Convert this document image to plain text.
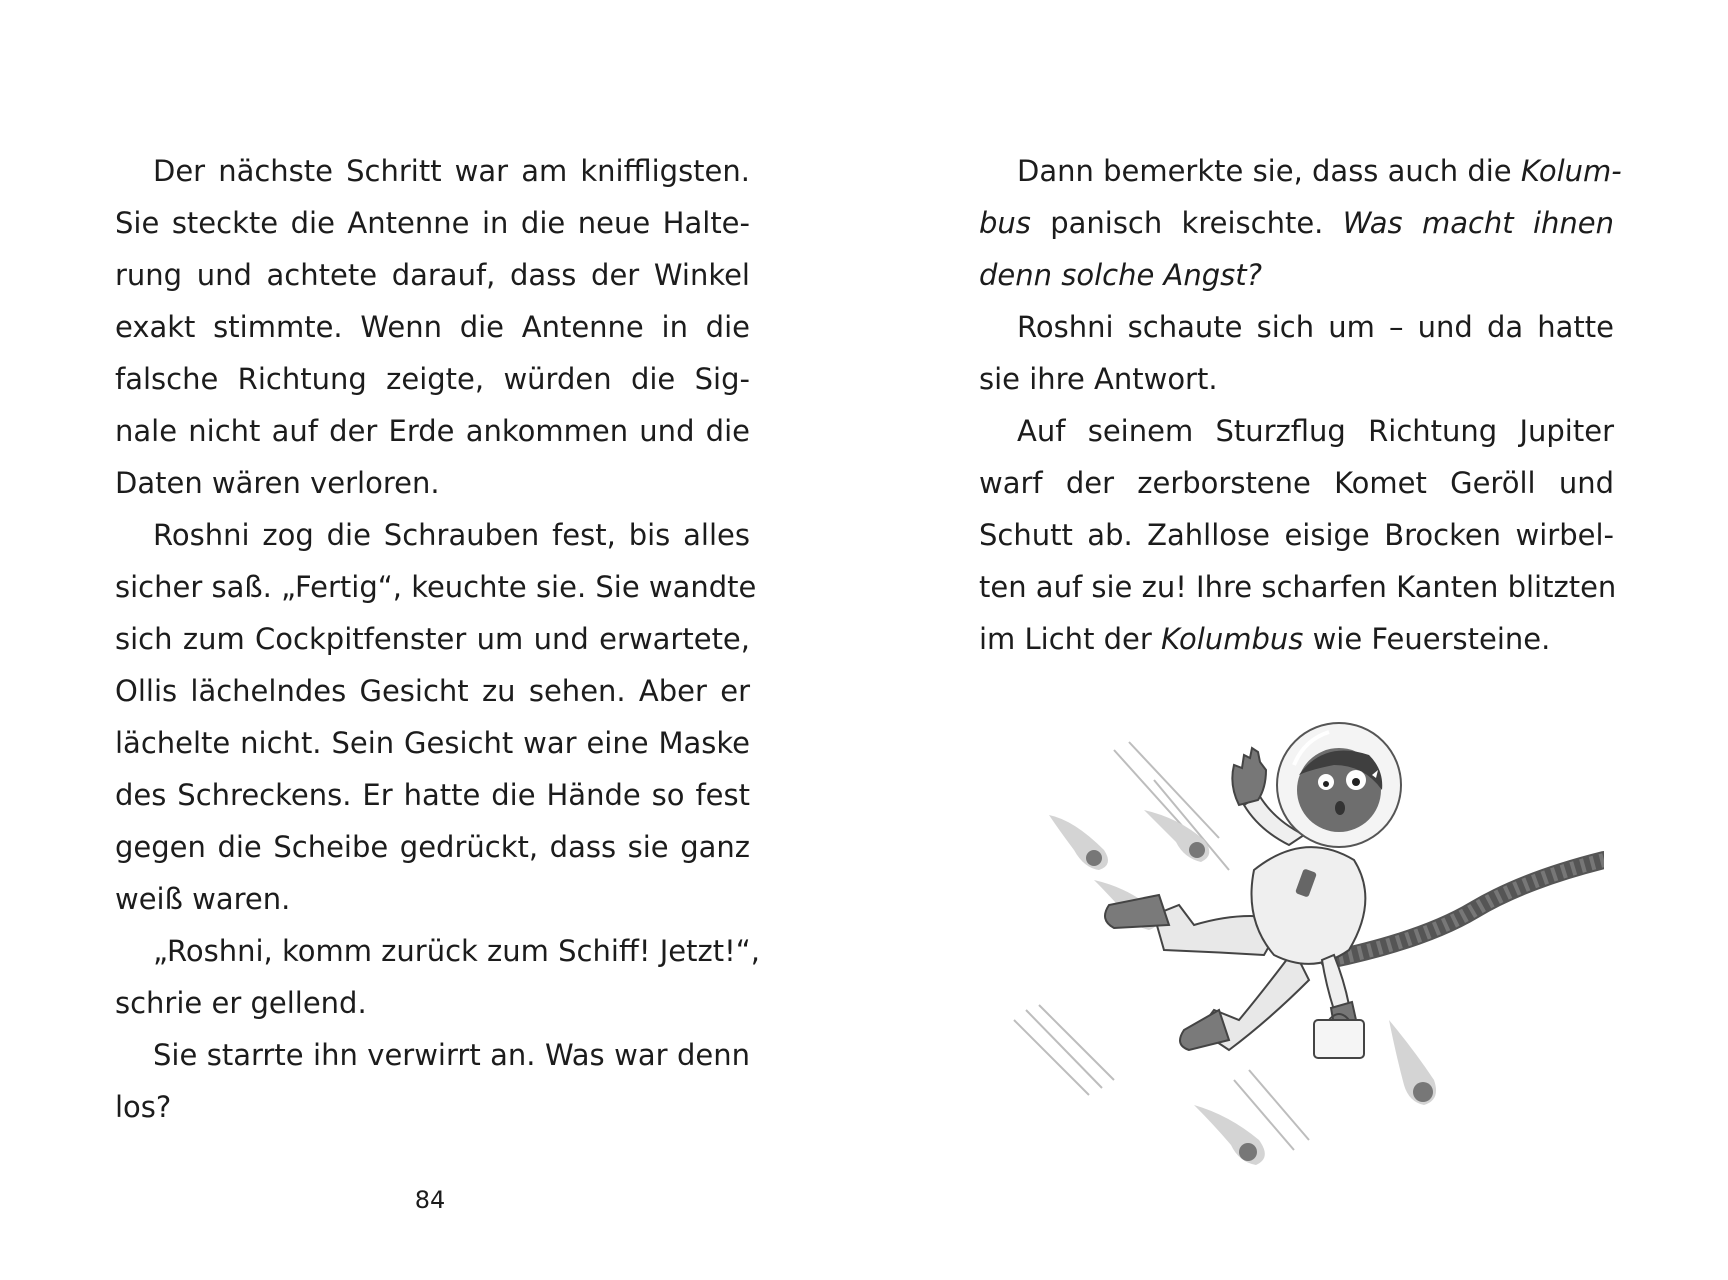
Der nächste Schritt war am kniffligsten.
Sie steckte die Antenne in die neue Halte-
rung und achtete darauf, dass der Winkel
exakt stimmte. Wenn die Antenne in die
falsche Richtung zeigte, würden die Sig-
nale nicht auf der Erde ankommen und die
Daten wären verloren.
Roshni zog die Schrauben fest, bis alles
sicher saß. „Fertig“, keuchte sie. Sie wandte
sich zum Cockpitfenster um und erwartete,
Ollis lächelndes Gesicht zu sehen. Aber er
lächelte nicht. Sein Gesicht war eine Maske
des Schreckens. Er hatte die Hände so fest
gegen die Scheibe gedrückt, dass sie ganz
weiß waren.
„Roshni, komm zurück zum Schiff! Jetzt!“,
schrie er gellend.
Sie starrte ihn verwirrt an. Was war denn
los?
84
Dann bemerkte sie, dass auch die Kolum-
bus panisch kreischte. Was macht ihnen
denn solche Angst?
Roshni schaute sich um – und da hatte
sie ihre Antwort.
Auf seinem Sturzflug Richtung Jupiter
warf der zerborstene Komet Geröll und
Schutt ab. Zahllose eisige Brocken wirbel-
ten auf sie zu! Ihre scharfen Kanten blitzten
im Licht der Kolumbus wie Feuersteine.
